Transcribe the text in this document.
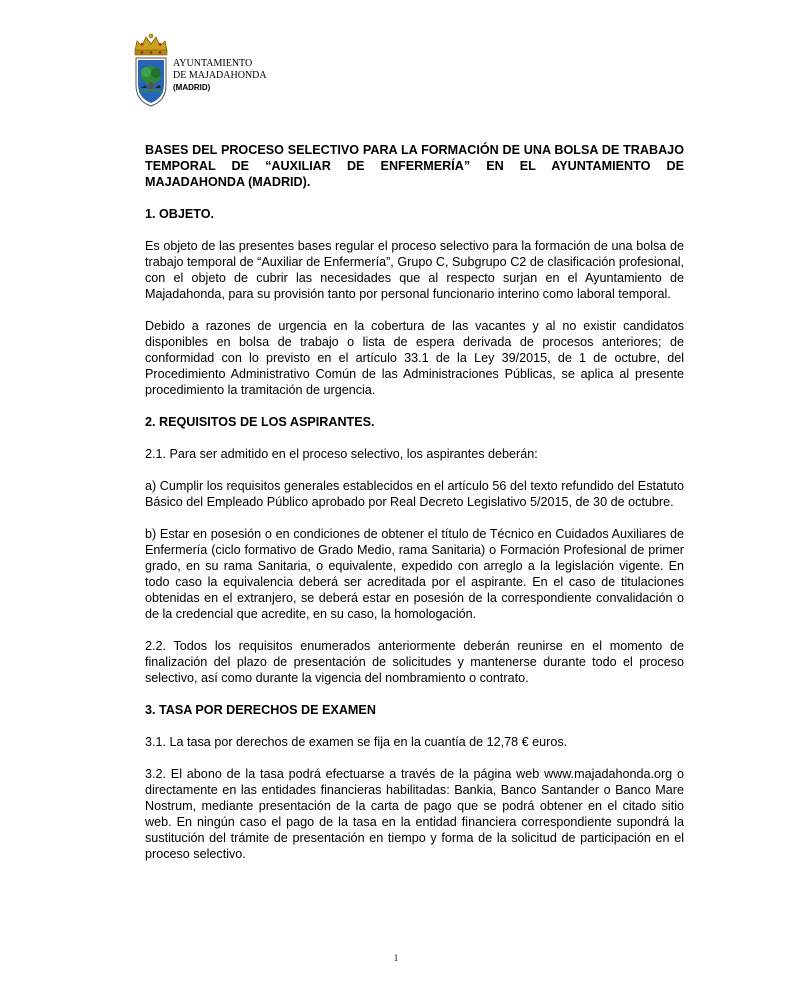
AYUNTAMIENTO
DE MAJADAHONDA
(MADRID)
BASES DEL PROCESO SELECTIVO PARA LA FORMACIÓN DE UNA BOLSA DE TRABAJO TEMPORAL DE “AUXILIAR DE ENFERMERÍA” EN EL AYUNTAMIENTO DE MAJADAHONDA (MADRID).
1. OBJETO.

Es objeto de las presentes bases regular el proceso selectivo para la formación de una bolsa de trabajo temporal de “Auxiliar de Enfermería”, Grupo C, Subgrupo C2 de clasificación profesional, con el objeto de cubrir las necesidades que al respecto surjan en el Ayuntamiento de Majadahonda, para su provisión tanto por personal funcionario interino como laboral temporal.

Debido a razones de urgencia en la cobertura de las vacantes y al no existir candidatos disponibles en bolsa de trabajo o lista de espera derivada de procesos anteriores; de conformidad con lo previsto en el artículo 33.1 de la Ley 39/2015, de 1 de octubre, del Procedimiento Administrativo Común de las Administraciones Públicas, se aplica al presente procedimiento la tramitación de urgencia.

2. REQUISITOS DE LOS ASPIRANTES.

2.1. Para ser admitido en el proceso selectivo, los aspirantes deberán:

a) Cumplir los requisitos generales establecidos en el artículo 56 del texto refundido del Estatuto Básico del Empleado Público aprobado por Real Decreto Legislativo 5/2015, de 30 de octubre.

b) Estar en posesión o en condiciones de obtener el título de Técnico en Cuidados Auxiliares de Enfermería (ciclo formativo de Grado Medio, rama Sanitaria) o Formación Profesional de primer grado, en su rama Sanitaria, o equivalente, expedido con arreglo a la legislación vigente. En todo caso la equivalencia deberá ser acreditada por el aspirante. En el caso de titulaciones obtenidas en el extranjero, se deberá estar en posesión de la correspondiente convalidación o de la credencial que acredite, en su caso, la homologación.

2.2. Todos los requisitos enumerados anteriormente deberán reunirse en el momento de finalización del plazo de presentación de solicitudes y mantenerse durante todo el proceso selectivo, así como durante la vigencia del nombramiento o contrato.

3. TASA POR DERECHOS DE EXAMEN

3.1. La tasa por derechos de examen se fija en la cuantía de 12,78 € euros.

3.2. El abono de la tasa podrá efectuarse a través de la página web www.majadahonda.org o directamente en las entidades financieras habilitadas: Bankia, Banco Santander o Banco Mare Nostrum, mediante presentación de la carta de pago que se podrá obtener en el citado sitio web. En ningún caso el pago de la tasa en la entidad financiera correspondiente supondrá la sustitución del trámite de presentación en tiempo y forma de la solicitud de participación en el proceso selectivo.

1
